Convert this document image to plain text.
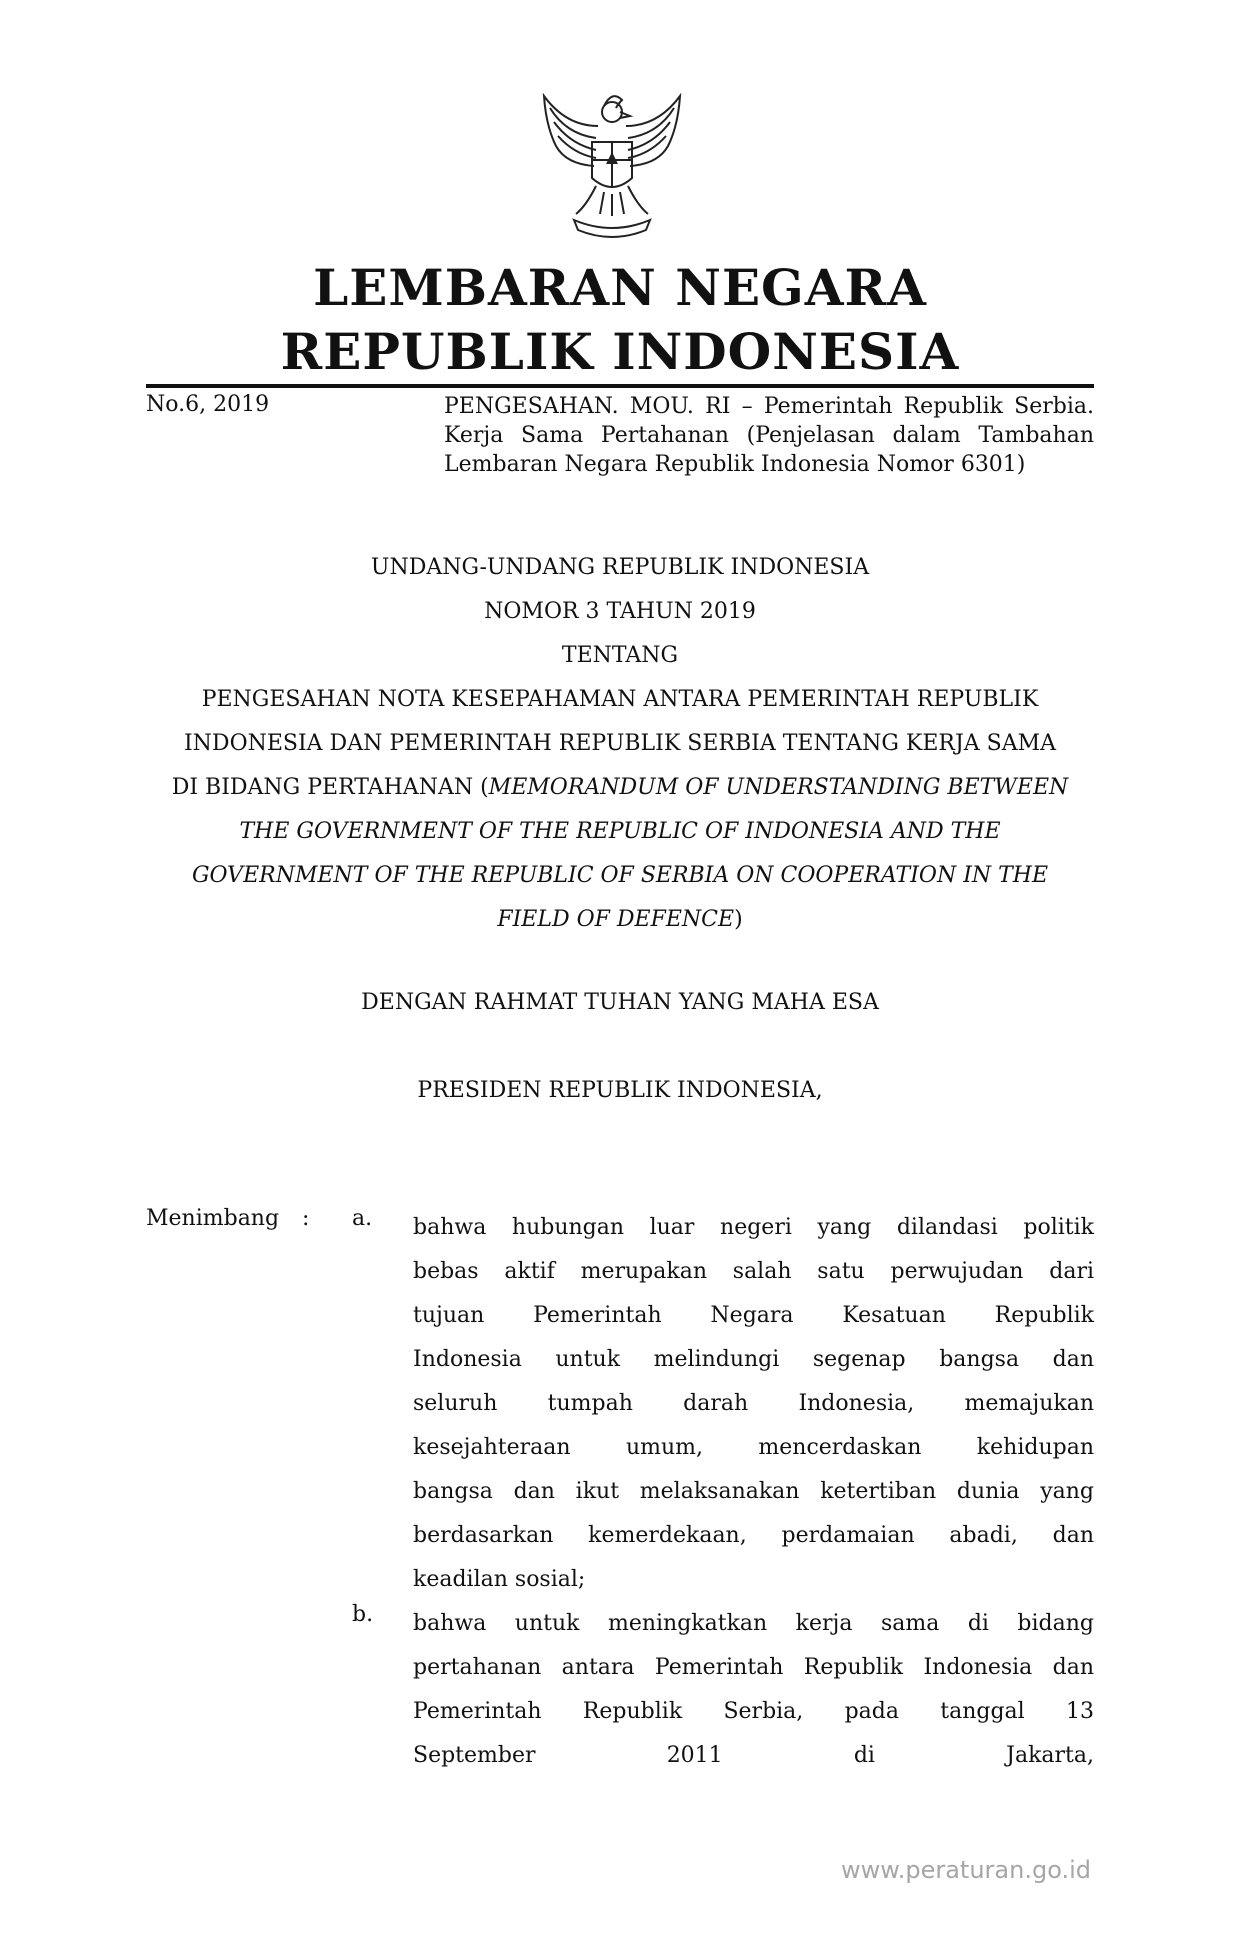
LEMBARAN NEGARA
REPUBLIK INDONESIA
No.6, 2019	PENGESAHAN. MOU. RI – Pemerintah Republik Serbia. Kerja Sama Pertahanan (Penjelasan dalam Tambahan Lembaran Negara Republik Indonesia Nomor 6301)
UNDANG-UNDANG REPUBLIK INDONESIA
NOMOR 3 TAHUN 2019
TENTANG
PENGESAHAN NOTA KESEPAHAMAN ANTARA PEMERINTAH REPUBLIK
INDONESIA DAN PEMERINTAH REPUBLIK SERBIA TENTANG KERJA SAMA
DI BIDANG PERTAHANAN (MEMORANDUM OF UNDERSTANDING BETWEEN
THE GOVERNMENT OF THE REPUBLIC OF INDONESIA AND THE
GOVERNMENT OF THE REPUBLIC OF SERBIA ON COOPERATION IN THE
FIELD OF DEFENCE)
DENGAN RAHMAT TUHAN YANG MAHA ESA
PRESIDEN REPUBLIK INDONESIA,
Menimbang : a. bahwa hubungan luar negeri yang dilandasi politik
bebas aktif merupakan salah satu perwujudan dari
tujuan Pemerintah Negara Kesatuan Republik
Indonesia untuk melindungi segenap bangsa dan
seluruh tumpah darah Indonesia, memajukan
kesejahteraan umum, mencerdaskan kehidupan
bangsa dan ikut melaksanakan ketertiban dunia yang
berdasarkan kemerdekaan, perdamaian abadi, dan
keadilan sosial;
b. bahwa untuk meningkatkan kerja sama di bidang
pertahanan antara Pemerintah Republik Indonesia dan
Pemerintah Republik Serbia, pada tanggal 13
September 2011 di Jakarta,
www.peraturan.go.id
